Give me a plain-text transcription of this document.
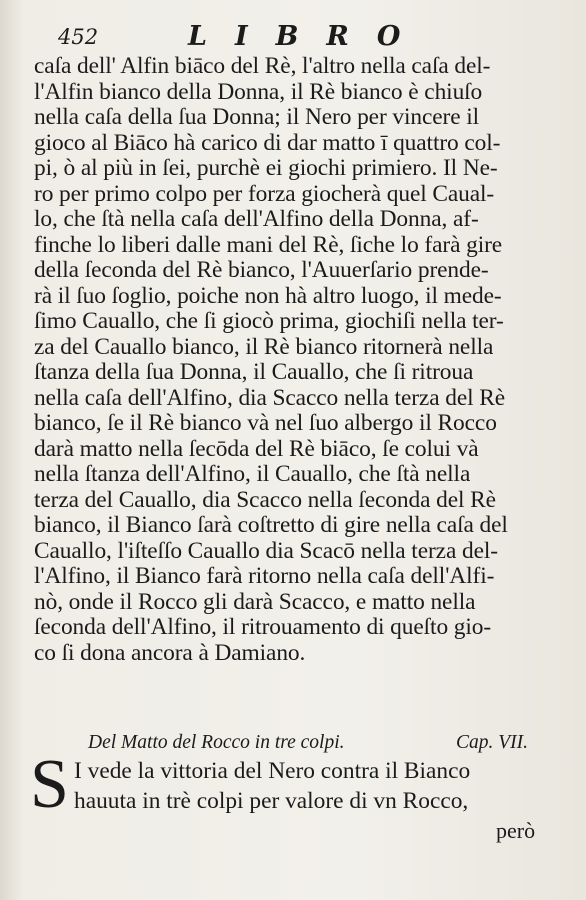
452	LIBRO
caſa dell' Alfin biāco del Rè, l'altro nella caſa del-
l'Alfin bianco della Donna, il Rè bianco è chiuſo
nella caſa della ſua Donna; il Nero per vincere il
gioco al Biāco hà carico di dar matto ī quattro col-
pi, ò al più in ſei, purchè ei giochi primiero. Il Ne-
ro per primo colpo per forza giocherà quel Caual-
lo, che ſtà nella caſa dell'Alfino della Donna, af-
finche lo liberi dalle mani del Rè, ſiche lo farà gire
della ſeconda del Rè bianco, l'Auuerſario prende-
rà il ſuo ſoglio, poiche non hà altro luogo, il mede-
ſimo Cauallo, che ſi giocò prima, giochiſi nella ter-
za del Cauallo bianco, il Rè bianco ritornerà nella
ſtanza della ſua Donna, il Cauallo, che ſi ritroua
nella caſa dell'Alfino, dia Scacco nella terza del Rè
bianco, ſe il Rè bianco và nel ſuo albergo il Rocco
darà matto nella ſecōda del Rè biāco, ſe colui và
nella ſtanza dell'Alfino, il Cauallo, che ſtà nella
terza del Cauallo, dia Scacco nella ſeconda del Rè
bianco, il Bianco ſarà coſtretto di gire nella caſa del
Cauallo, l'iſteſſo Cauallo dia Scacō nella terza del-
l'Alfino, il Bianco farà ritorno nella caſa dell'Alfi-
nò, onde il Rocco gli darà Scacco, e matto nella
ſeconda dell'Alfino, il ritrouamento di queſto gio-
co ſi dona ancora à Damiano.
Del Matto del Rocco in tre colpi.	Cap. VII.
S I vede la vittoria del Nero contra il Bianco
hauuta in trè colpi per valore di vn Rocco,
però
